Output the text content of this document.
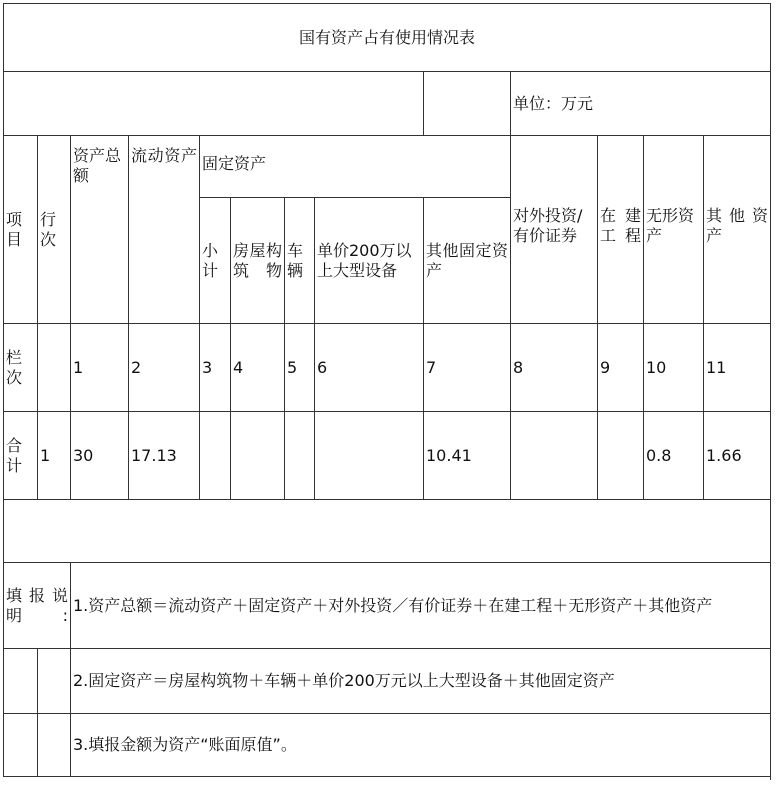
国有资产占有使用情况表												
									单位：万元			
项目	行次	资产总额	流动资产	固定资产					对外投资/有价证券	在建工程	无形资产	其他资产
				小计	房屋构筑物	车辆	单价200万以上大型设备	其他固定资产				
栏次		1	2	3	4	5	6	7	8	9	10	11
合计	1	30	17.13					10.41			0.8	1.66

填报说明:		1.资产总额＝流动资产＋固定资产＋对外投资／有价证券＋在建工程＋无形资产＋其他资产										
		2.固定资产＝房屋构筑物＋车辆＋单价200万元以上大型设备＋其他固定资产										
		3.填报金额为资产“账面原值”。										
